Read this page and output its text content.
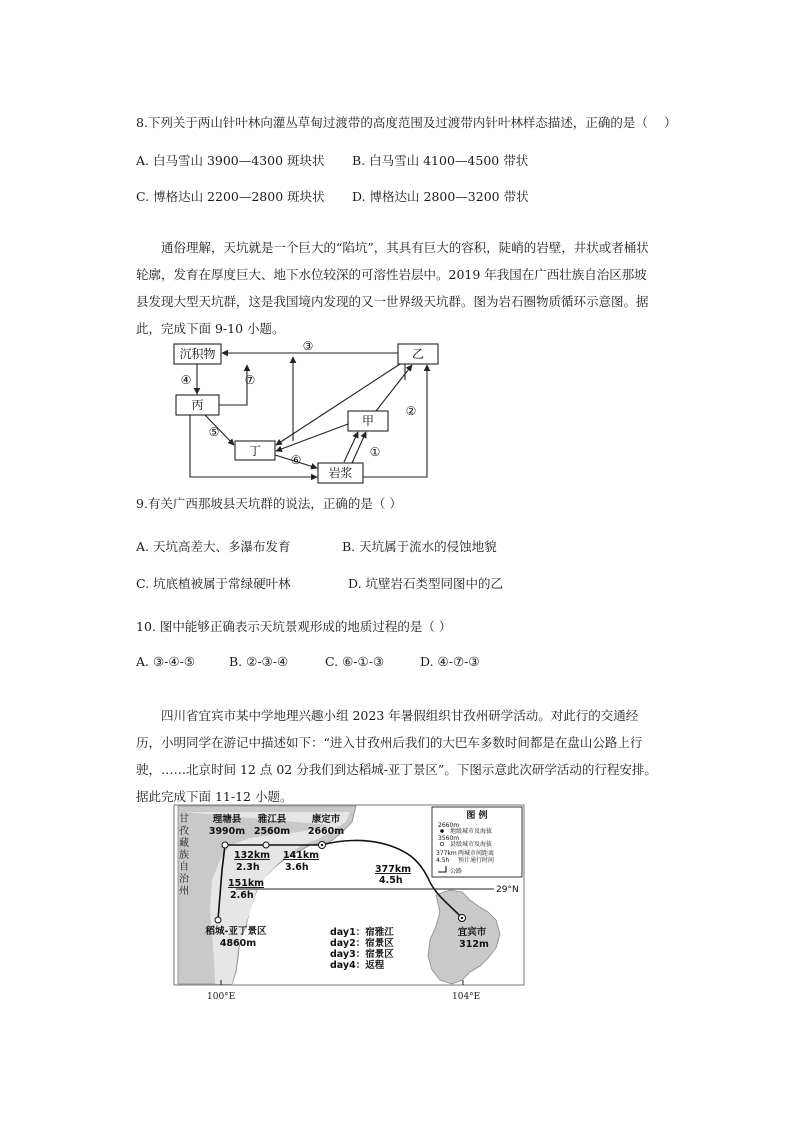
8.下列关于两山针叶林向灌丛草甸过渡带的高度范围及过渡带内针叶林样态描述，正确的是（ ）
A. 白马雪山 3900—4300 斑块状 B. 白马雪山 4100—4500 带状
C. 博格达山 2200—2800 斑块状 D. 博格达山 2800—3200 带状

通俗理解，天坑就是一个巨大的“陷坑”，其具有巨大的容积，陡峭的岩壁，井状或者桶状轮廓，发育在厚度巨大、地下水位较深的可溶性岩层中。2019 年我国在广西壮族自治区那坡县发现大型天坑群，这是我国境内发现的又一世界级天坑群。图为岩石圈物质循环示意图。据此，完成下面 9-10 小题。

沉积物
丙
乙
甲
丁
岩浆
③
④	⑦
⑤
⑥
①
②
9.有关广西那坡县天坑群的说法，正确的是（ ）
A. 天坑高差大、多瀑布发育	B. 天坑属于流水的侵蚀地貌
C. 坑底植被属于常绿硬叶林	D. 坑壁岩石类型同图中的乙
10. 图中能够正确表示天坑景观形成的地质过程的是（ ）
A. ③-④-⑤	B. ②-③-④	C. ⑥-①-③	D. ④-⑦-③

四川省宜宾市某中学地理兴趣小组 2023 年暑假组织甘孜州研学活动。对此行的交通经历，小明同学在游记中描述如下：“进入甘孜州后我们的大巴车多数时间都是在盘山公路上行驶，……北京时间 12 点 02 分我们到达稻城-亚丁景区”。下图示意此次研学活动的行程安排。据此完成下面 11-12 小题。

29°N
甘孜藏族自治州
理塘县
3990m
雅江县
2560m
康定市
2660m
稻城-亚丁景区
4860m
宜宾市
312m
132km
2.3h
141km
3.6h	377km
4.5h
151km
2.6h
day1：宿雅江
day2：宿景区
day3：宿景区
day4：返程
图 例
2660m
地级城市及海拔
3560m
县级城市及海拔
377km
4.5h
两城市间距离
预计通行时间
公路
100°E	104°E
